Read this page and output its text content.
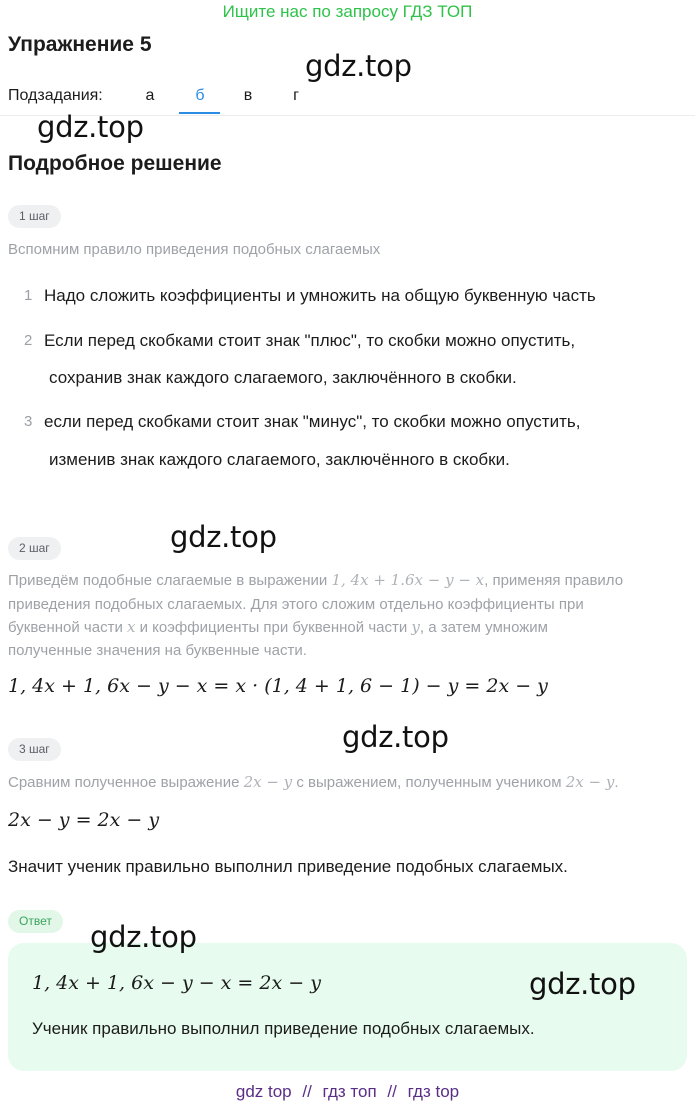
Ищите нас по запросу ГДЗ ТОП
Упражнение 5
gdz.top
Подзадания:	а	б	в	г
gdz.top
Подробное решение
1 шаг
Вспомним правило приведения подобных слагаемых
1 Надо сложить коэффициенты и умножить на общую буквенную часть
2 Если перед скобками стоит знак "плюс", то скобки можно опустить,
сохранив знак каждого слагаемого, заключённого в скобки.
3 если перед скобками стоит знак "минус", то скобки можно опустить,
изменив знак каждого слагаемого, заключённого в скобки.
2 шаг	gdz.top
Приведём подобные слагаемые в выражении 1, 4x + 1.6x − y − x, применяя правило
приведения подобных слагаемых. Для этого сложим отдельно коэффициенты при
буквенной части x и коэффициенты при буквенной части y, а затем умножим
полученные значения на буквенные части.
1, 4x + 1, 6x − y − x = x · (1, 4 + 1, 6 − 1) − y = 2x − y
3 шаг	gdz.top
Сравним полученное выражение 2x − y с выражением, полученным учеником 2x − y.
2x − y = 2x − y
Значит ученик правильно выполнил приведение подобных слагаемых.
Ответ	gdz.top
1, 4x + 1, 6x − y − x = 2x − y	gdz.top
Ученик правильно выполнил приведение подобных слагаемых.
gdz top // гдз топ // гдз top
